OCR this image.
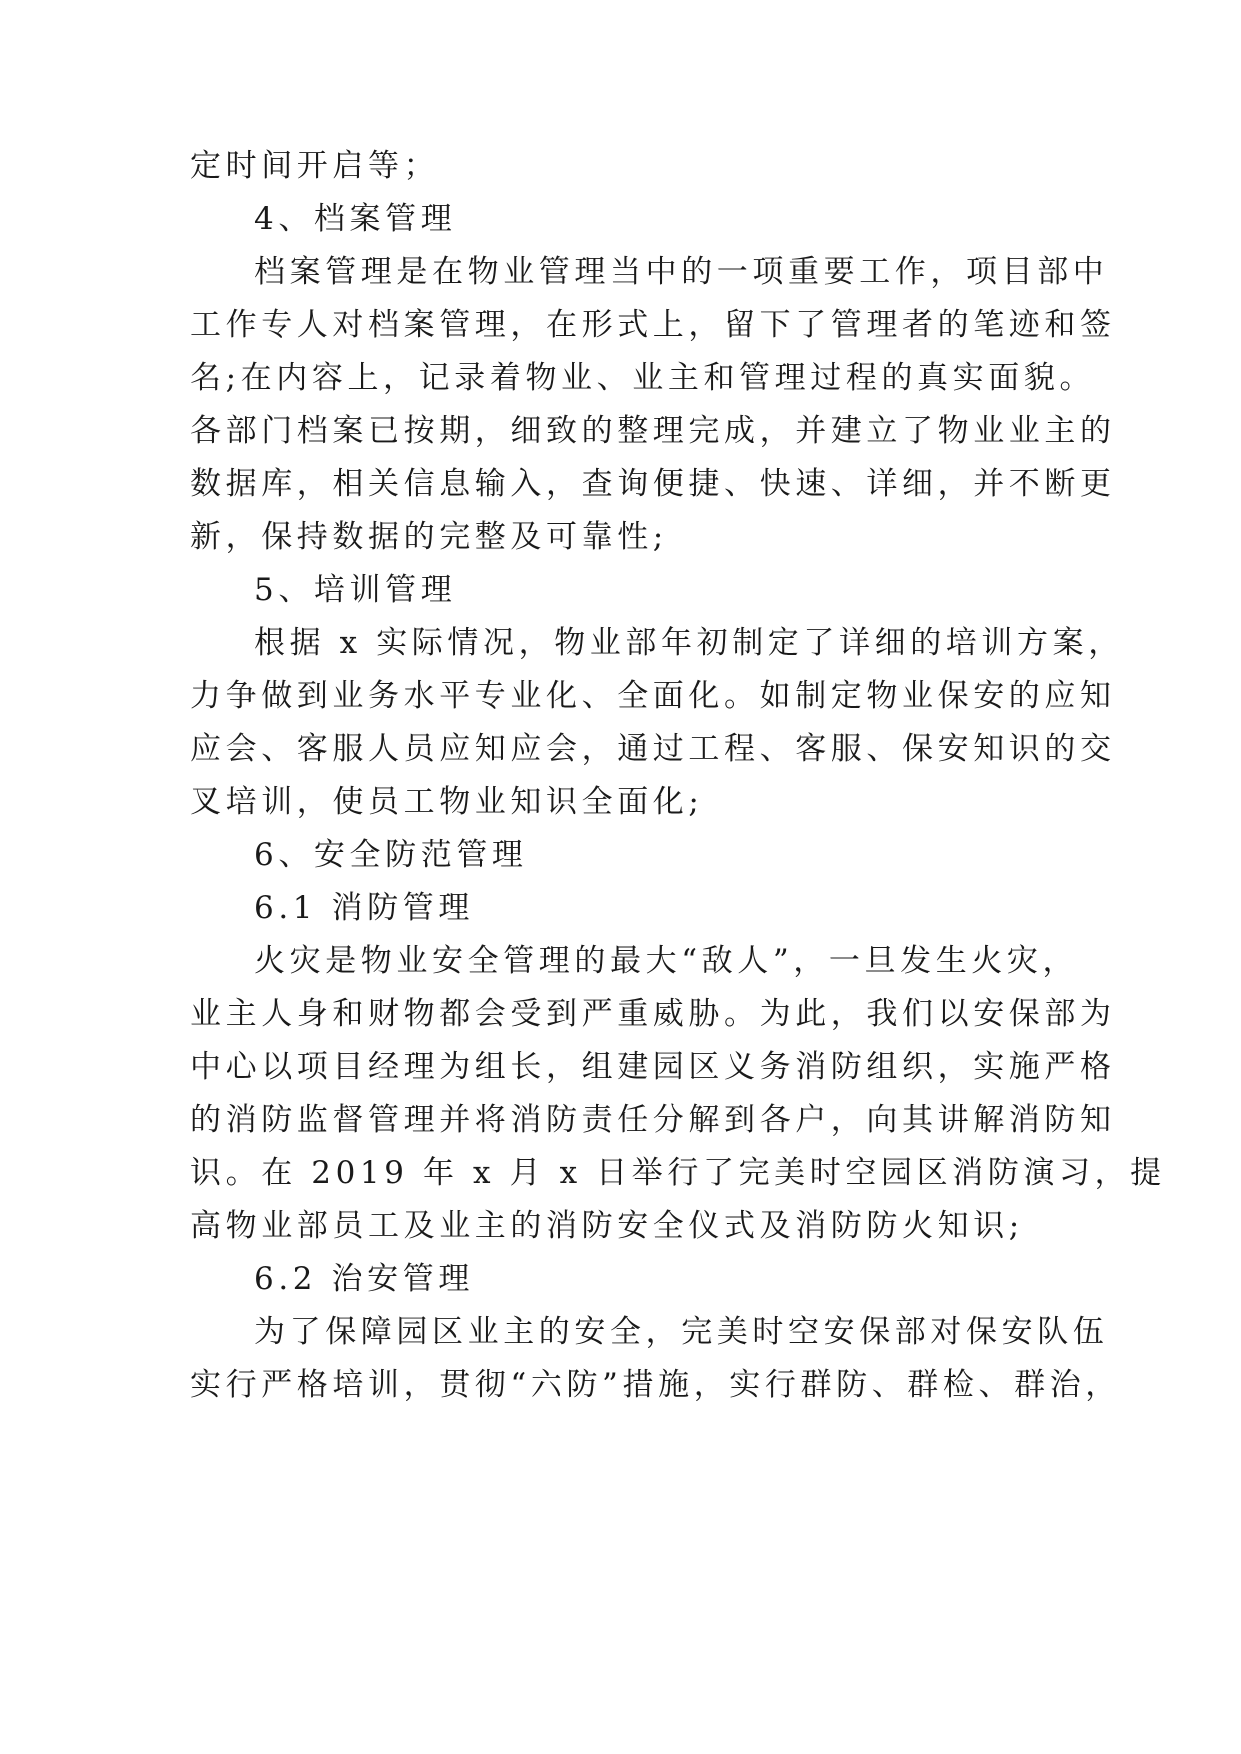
定时间开启等；
4、档案管理
档案管理是在物业管理当中的一项重要工作，项目部中
工作专人对档案管理，在形式上，留下了管理者的笔迹和签
名;在内容上，记录着物业、业主和管理过程的真实面貌。
各部门档案已按期，细致的整理完成，并建立了物业业主的
数据库，相关信息输入，查询便捷、快速、详细，并不断更
新，保持数据的完整及可靠性;
5、培训管理
根据 x 实际情况，物业部年初制定了详细的培训方案，
力争做到业务水平专业化、全面化。如制定物业保安的应知
应会、客服人员应知应会，通过工程、客服、保安知识的交
叉培训，使员工物业知识全面化;
6、安全防范管理
6.1 消防管理
火灾是物业安全管理的最大“敌人”，一旦发生火灾，
业主人身和财物都会受到严重威胁。为此，我们以安保部为
中心以项目经理为组长，组建园区义务消防组织，实施严格
的消防监督管理并将消防责任分解到各户，向其讲解消防知
识。在 2019 年 x 月 x 日举行了完美时空园区消防演习，提
高物业部员工及业主的消防安全仪式及消防防火知识;
6.2 治安管理
为了保障园区业主的安全，完美时空安保部对保安队伍
实行严格培训，贯彻“六防”措施，实行群防、群检、群治，
